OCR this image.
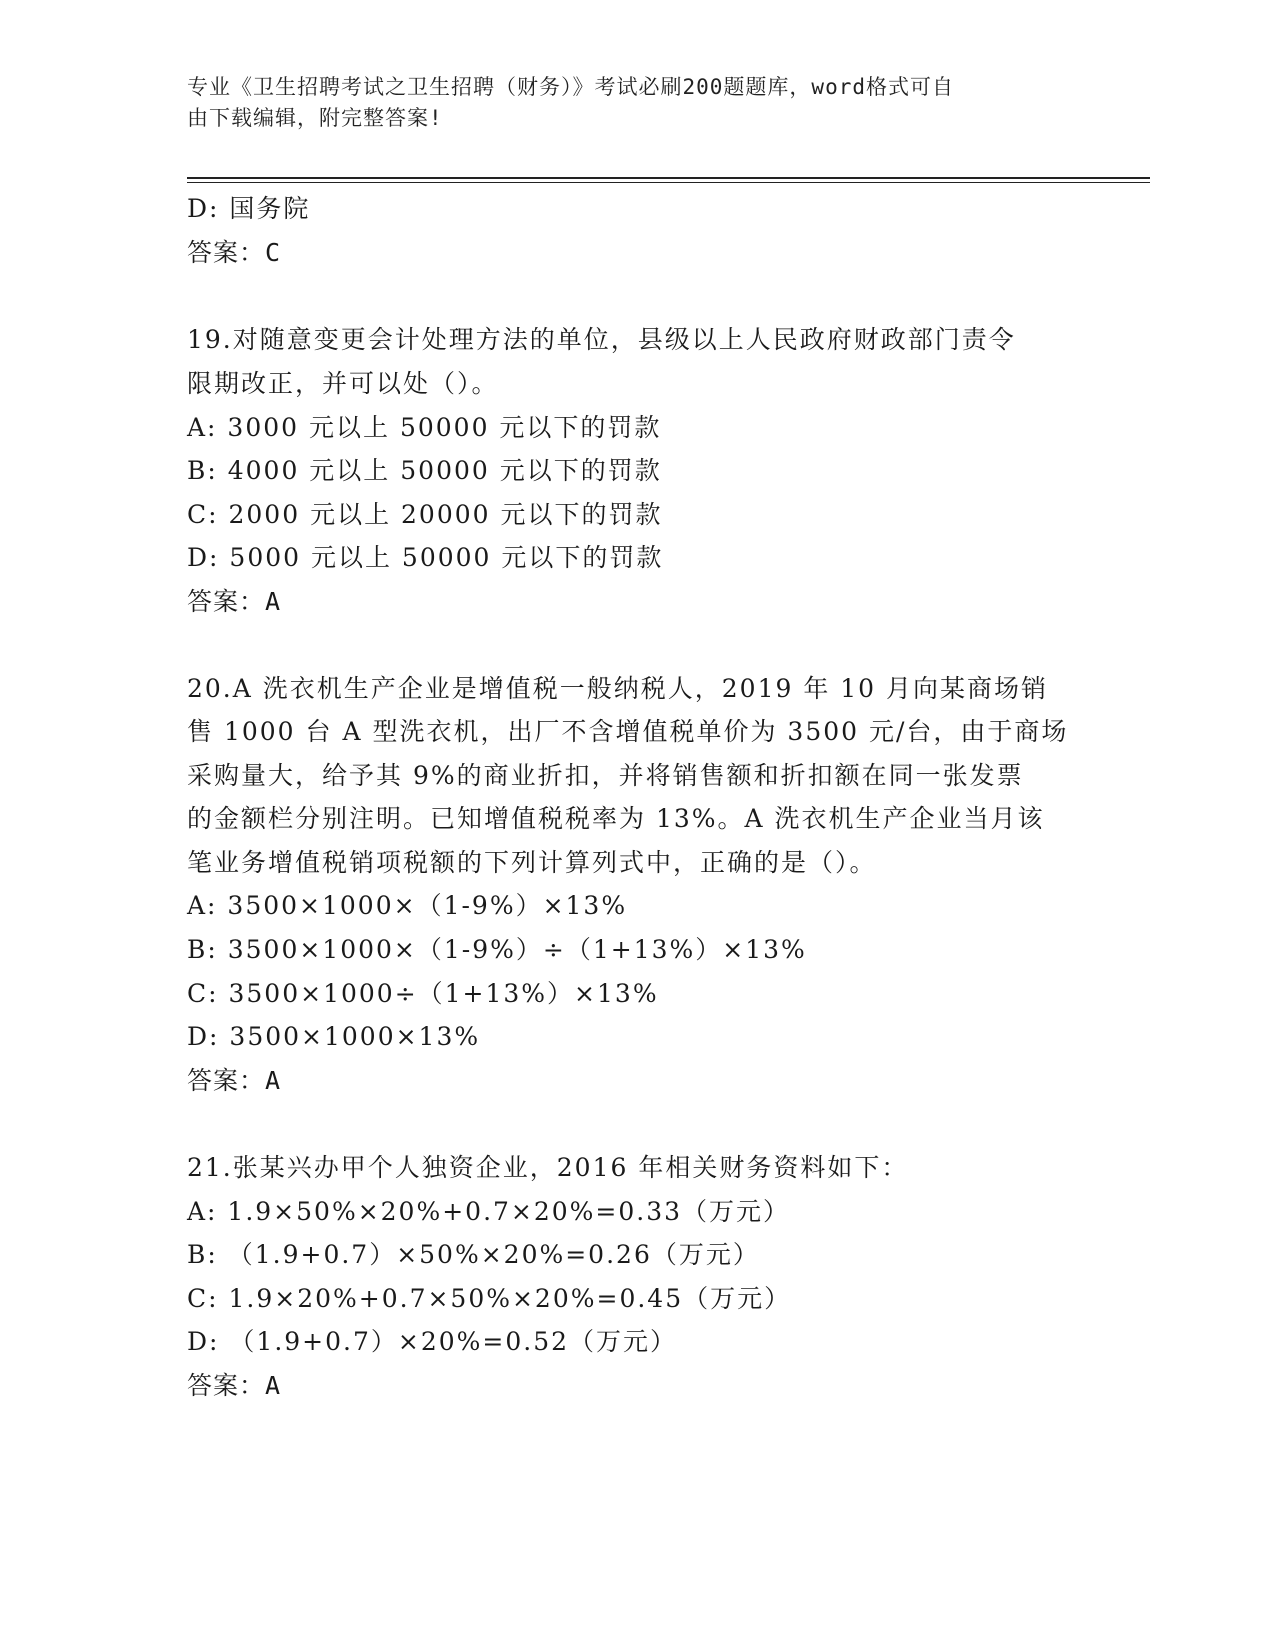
专业《卫生招聘考试之卫生招聘（财务）》考试必刷200题题库，word格式可自
由下载编辑，附完整答案!
D: 国务院
答案：C
19.对随意变更会计处理方法的单位，县级以上人民政府财政部门责令
限期改正，并可以处（）。
A: 3000 元以上 50000 元以下的罚款
B: 4000 元以上 50000 元以下的罚款
C: 2000 元以上 20000 元以下的罚款
D: 5000 元以上 50000 元以下的罚款
答案：A
20.A 洗衣机生产企业是增值税一般纳税人，2019 年 10 月向某商场销
售 1000 台 A 型洗衣机，出厂不含增值税单价为 3500 元/台，由于商场
采购量大，给予其 9%的商业折扣，并将销售额和折扣额在同一张发票
的金额栏分别注明。已知增值税税率为 13%。A 洗衣机生产企业当月该
笔业务增值税销项税额的下列计算列式中，正确的是（）。
A: 3500×1000×（1-9%）×13%
B: 3500×1000×（1-9%）÷（1+13%）×13%
C: 3500×1000÷（1+13%）×13%
D: 3500×1000×13%
答案：A
21.张某兴办甲个人独资企业，2016 年相关财务资料如下：
A: 1.9×50%×20%+0.7×20%=0.33（万元）
B: （1.9+0.7）×50%×20%=0.26（万元）
C: 1.9×20%+0.7×50%×20%=0.45（万元）
D: （1.9+0.7）×20%=0.52（万元）
答案：A
